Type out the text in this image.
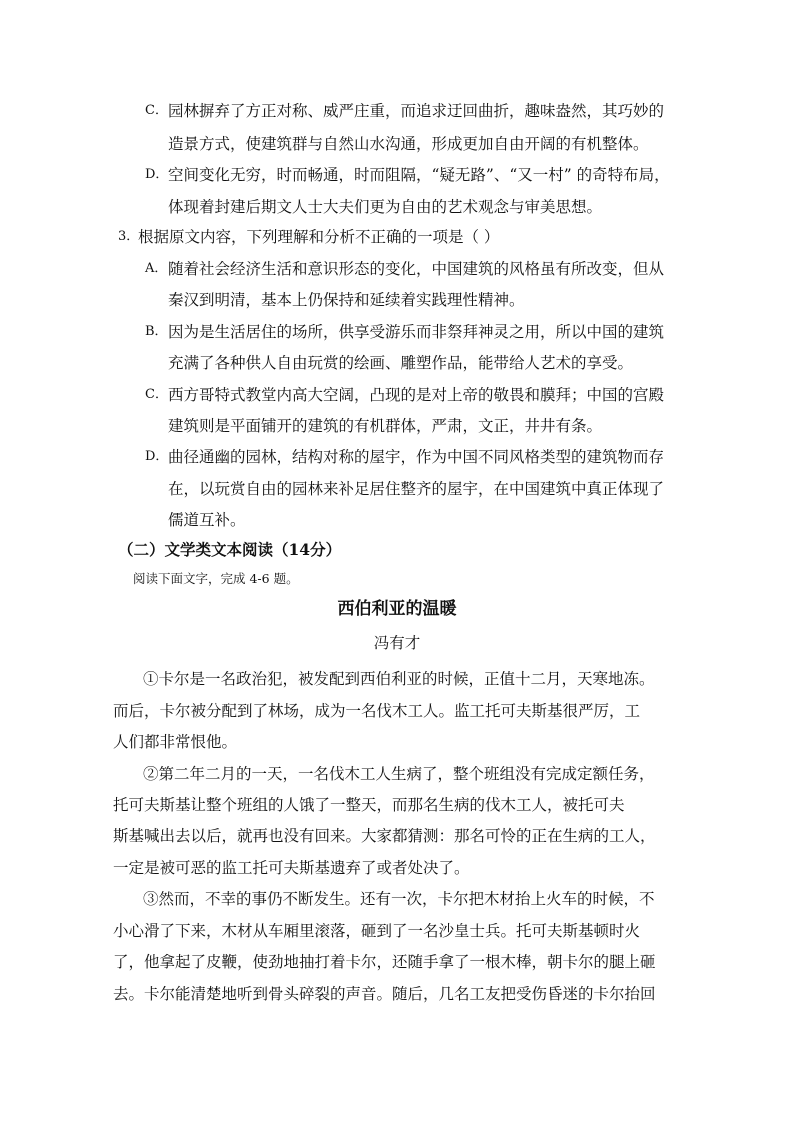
C． 园林摒弃了方正对称、威严庄重，而追求迂回曲折，趣味盎然，其巧妙的

造景方式，使建筑群与自然山水沟通，形成更加自由开阔的有机整体。

D． 空间变化无穷，时而畅通，时而阻隔，“疑无路”、“又一村” 的奇特布局，

体现着封建后期文人士大夫们更为自由的艺术观念与审美思想。

3．

根据原文内容，下列理解和分析不正确的一项是（ ）

A． 随着社会经济生活和意识形态的变化，中国建筑的风格虽有所改变，但从

秦汉到明清，基本上仍保持和延续着实践理性精神。

B． 因为是生活居住的场所，供享受游乐而非祭拜神灵之用，所以中国的建筑

充满了各种供人自由玩赏的绘画、雕塑作品，能带给人艺术的享受。

C． 西方哥特式教堂内高大空阔，凸现的是对上帝的敬畏和膜拜；中国的宫殿

建筑则是平面铺开的建筑的有机群体，严肃，文正，井井有条。

D． 曲径通幽的园林，结构对称的屋宇，作为中国不同风格类型的建筑物而存

在，以玩赏自由的园林来补足居住整齐的屋宇，在中国建筑中真正体现了

儒道互补。

（二）文学类文本阅读（14分）
阅读下面文字，完成 4-6 题。
西伯利亚的温暖
冯有才

①卡尔是一名政治犯，被发配到西伯利亚的时候，正值十二月，天寒地冻。

而后，卡尔被分配到了林场，成为一名伐木工人。监工托可夫斯基很严厉，工

人们都非常恨他。

②第二年二月的一天，一名伐木工人生病了，整个班组没有完成定额任务，

托可夫斯基让整个班组的人饿了一整天，而那名生病的伐木工人，被托可夫

斯基喊出去以后，就再也没有回来。大家都猜测：那名可怜的正在生病的工人，

一定是被可恶的监工托可夫斯基遗弃了或者处决了。

③然而，不幸的事仍不断发生。还有一次，卡尔把木材抬上火车的时候，不

小心滑了下来，木材从车厢里滚落，砸到了一名沙皇士兵。托可夫斯基顿时火

了，他拿起了皮鞭，使劲地抽打着卡尔，还随手拿了一根木棒，朝卡尔的腿上砸

去。卡尔能清楚地听到骨头碎裂的声音。随后，几名工友把受伤昏迷的卡尔抬回
